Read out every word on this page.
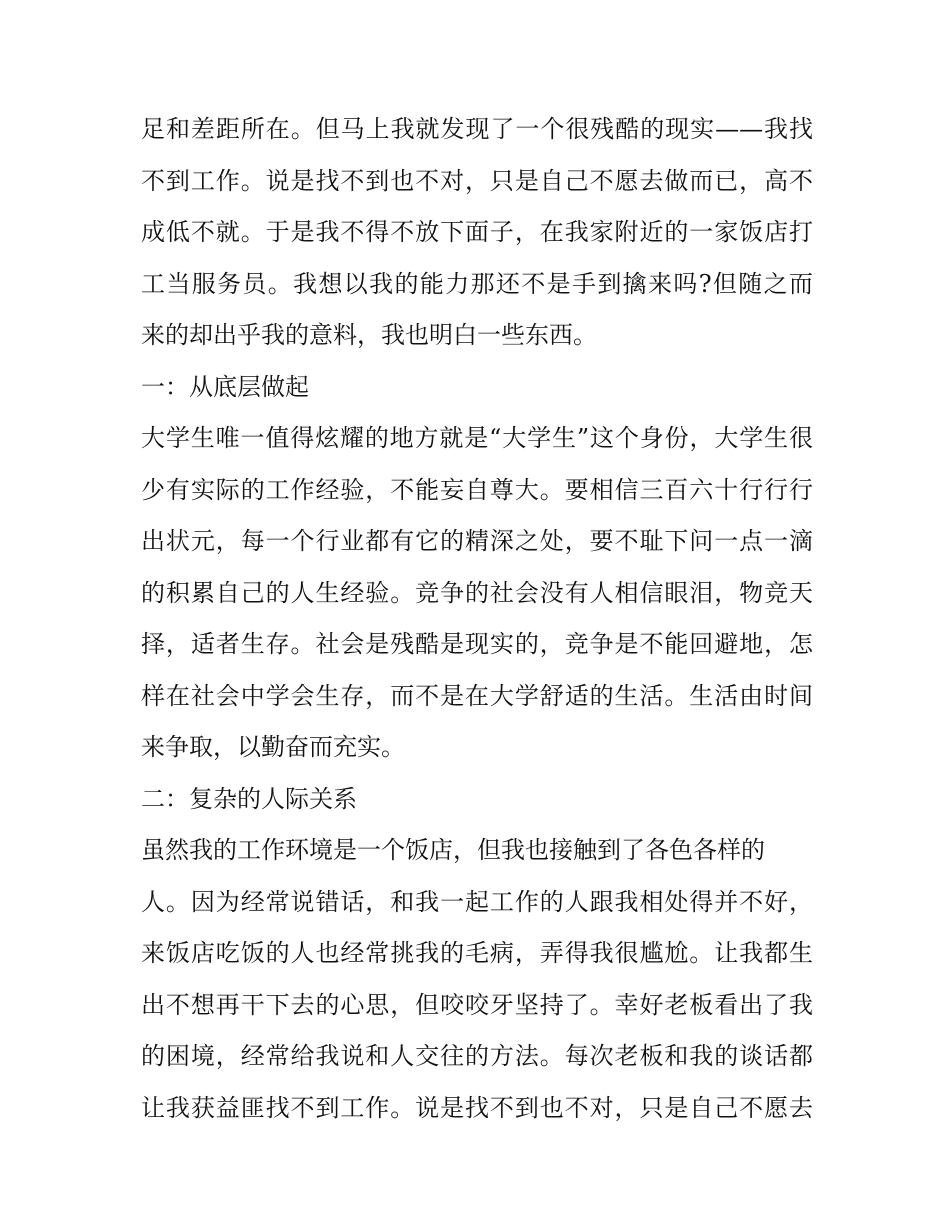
足和差距所在。但马上我就发现了一个很残酷的现实——我找
不到工作。说是找不到也不对，只是自己不愿去做而已，高不
成低不就。于是我不得不放下面子，在我家附近的一家饭店打
工当服务员。我想以我的能力那还不是手到擒来吗?但随之而
来的却出乎我的意料，我也明白一些东西。
一：从底层做起
大学生唯一值得炫耀的地方就是“大学生”这个身份，大学生很
少有实际的工作经验，不能妄自尊大。要相信三百六十行行行
出状元，每一个行业都有它的精深之处，要不耻下问一点一滴
的积累自己的人生经验。竞争的社会没有人相信眼泪，物竞天
择，适者生存。社会是残酷是现实的，竞争是不能回避地，怎
样在社会中学会生存，而不是在大学舒适的生活。生活由时间
来争取，以勤奋而充实。
二：复杂的人际关系
虽然我的工作环境是一个饭店，但我也接触到了各色各样的
人。因为经常说错话，和我一起工作的人跟我相处得并不好，
来饭店吃饭的人也经常挑我的毛病，弄得我很尴尬。让我都生
出不想再干下去的心思，但咬咬牙坚持了。幸好老板看出了我
的困境，经常给我说和人交往的方法。每次老板和我的谈话都
让我获益匪找不到工作。说是找不到也不对，只是自己不愿去
